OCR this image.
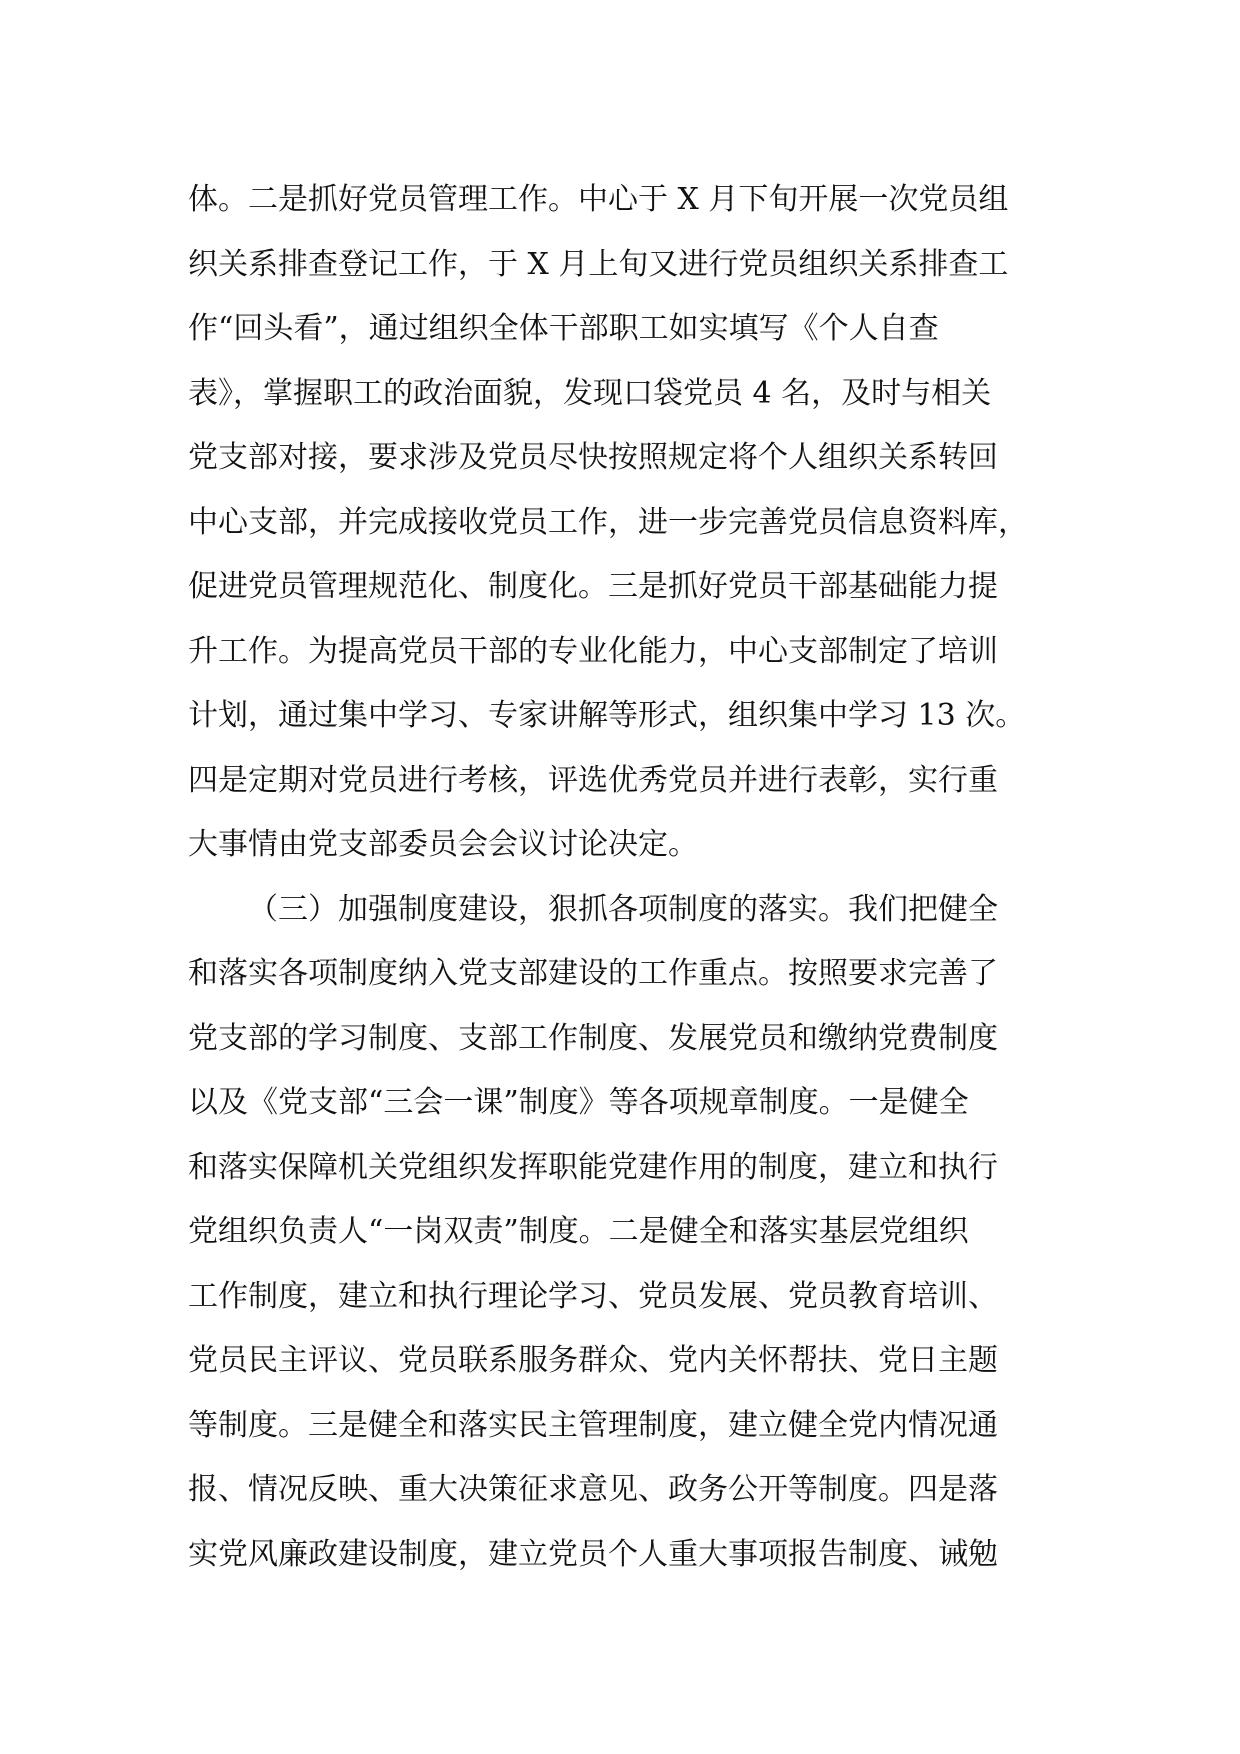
体。二是抓好党员管理工作。中心于 X 月下旬开展一次党员组
织关系排查登记工作，于 X 月上旬又进行党员组织关系排查工
作“回头看”，通过组织全体干部职工如实填写《个人自查
表》，掌握职工的政治面貌，发现口袋党员 4 名，及时与相关
党支部对接，要求涉及党员尽快按照规定将个人组织关系转回
中心支部，并完成接收党员工作，进一步完善党员信息资料库，
促进党员管理规范化、制度化。三是抓好党员干部基础能力提
升工作。为提高党员干部的专业化能力，中心支部制定了培训
计划，通过集中学习、专家讲解等形式，组织集中学习 13 次。
四是定期对党员进行考核，评选优秀党员并进行表彰，实行重
大事情由党支部委员会会议讨论决定。
（三）加强制度建设，狠抓各项制度的落实。我们把健全
和落实各项制度纳入党支部建设的工作重点。按照要求完善了
党支部的学习制度、支部工作制度、发展党员和缴纳党费制度
以及《党支部“三会一课”制度》等各项规章制度。一是健全
和落实保障机关党组织发挥职能党建作用的制度，建立和执行
党组织负责人“一岗双责”制度。二是健全和落实基层党组织
工作制度，建立和执行理论学习、党员发展、党员教育培训、
党员民主评议、党员联系服务群众、党内关怀帮扶、党日主题
等制度。三是健全和落实民主管理制度，建立健全党内情况通
报、情况反映、重大决策征求意见、政务公开等制度。四是落
实党风廉政建设制度，建立党员个人重大事项报告制度、诫勉
